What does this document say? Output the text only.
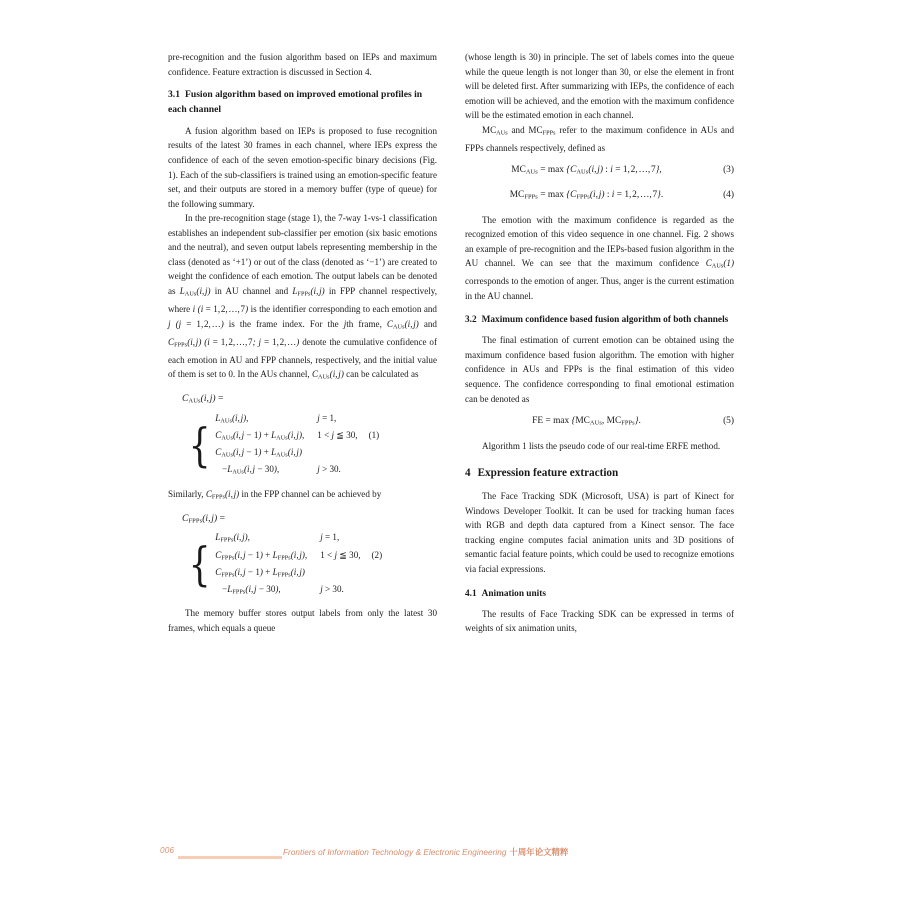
pre-recognition and the fusion algorithm based on IEPs and maximum confidence. Feature extraction is discussed in Section 4.

3.1 Fusion algorithm based on improved emotional profiles in each channel

A fusion algorithm based on IEPs is proposed to fuse recognition results of the latest 30 frames in each channel, where IEPs express the confidence of each of the seven emotion-specific binary decisions (Fig. 1). Each of the sub-classifiers is trained using an emotion-specific feature set, and their outputs are stored in a memory buffer (type of queue) for the following summary.

In the pre-recognition stage (stage 1), the 7-way 1-vs-1 classification establishes an independent sub-classifier per emotion (six basic emotions and the neutral), and seven output labels representing membership in the class (denoted as ‘+1’) or out of the class (denoted as ‘−1’) are created to weight the confidence of each emotion. The output labels can be denoted as $L_{AUs}(i$, j) in AU channel and $L_{FPPs}(i$, j) in FPP channel respectively, where i (i = 1, 2, …, 7) is the identifier corresponding to each emotion and j (j = 1, 2, …) is the frame index. For the jth frame, $C_{AUs}(i$, j) and $C_{FPPs}(i$, j) (i = 1, 2, …, 7; j = 1, 2, …) denote the cumulative confidence of each emotion in AU and FPP channels, respectively, and the initial value of them is set to 0. In the AUs channel, $C_{AUs}(i$, j) can be calculated as

$C_{AUs}(i$, j) =
{
$L_{AUs}(i$, j),	j = 1,	
$C_{AUs}(i$, $j - 1) + L_{AUs}(i$, j),	1 < j ≦ 30,	(1)
$C_{AUs}(i$, $j - 1) + L_{AUs}(i$, j)		
$-L_{AUs}(i$, j − 30),	j > 30.	

Similarly, $C_{FPPs}(i$, j) in the FPP channel can be achieved by

$C_{FPPs}(i$, j) =
{
$L_{FPPs}(i$, j),	j = 1,	
$C_{FPPs}(i$, $j - 1) + L_{FPPs}(i$, j),	1 < j ≦ 30,	(2)
$C_{FPPs}(i$, $j - 1) + L_{FPPs}(i$, j)		
$-L_{FPPs}(i$, j − 30),	j > 30.	

The memory buffer stores output labels from only the latest 30 frames, which equals a queue

(whose length is 30) in principle. The set of labels comes into the queue while the queue length is not longer than 30, or else the element in front will be deleted first. After summarizing with IEPs, the confidence of each emotion will be achieved, and the emotion with the maximum confidence will be the estimated emotion in each channel.

$MC_{AUs}$ and $MC_{FPPs}$ refer to the maximum confidence in AUs and FPPs channels respectively, defined as

$MC_{AUs} = \max \{C_{AUs}(i$, j) : i = 1, 2, …, 7},	(3)
$MC_{FPPs} = \max \{C_{FPPs}(i$, j) : i = 1, 2, …, 7}.	(4)

The emotion with the maximum confidence is regarded as the recognized emotion of this video sequence in one channel. Fig. 2 shows an example of pre-recognition and the IEPs-based fusion algorithm in the AU channel. We can see that the maximum confidence $C_{AUs}(1)$ corresponds to the emotion of anger. Thus, anger is the current estimation in the AU channel.

3.2 Maximum confidence based fusion algorithm of both channels

The final estimation of current emotion can be obtained using the maximum confidence based fusion algorithm. The emotion with higher confidence in AUs and FPPs is the final estimation of this video sequence. The confidence corresponding to final emotional estimation can be denoted as

FE = $\max \{MC_{AUs}$, $MC_{FPPs}$}.	(5)

Algorithm 1 lists the pseudo code of our real-time ERFE method.

4 Expression feature extraction

The Face Tracking SDK (Microsoft, USA) is part of Kinect for Windows Developer Toolkit. It can be used for tracking human faces with RGB and depth data captured from a Kinect sensor. The face tracking engine computes facial animation units and 3D positions of semantic facial feature points, which could be used to recognize emotions via facial expressions.

4.1 Animation units

The results of Face Tracking SDK can be expressed in terms of weights of six animation units,

006	Frontiers of Information Technology & Electronic Engineering 十周年论文精粹
